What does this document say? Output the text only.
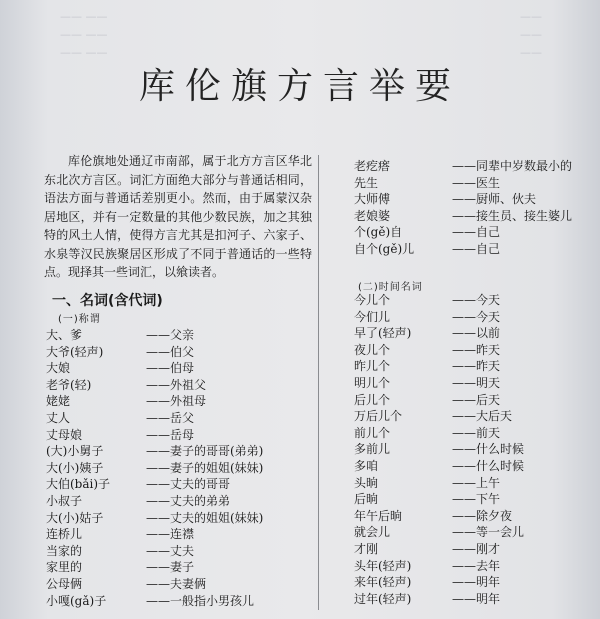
—— ——
—— ——
—— ——
——
——
——
库伦旗方言举要

库伦旗地处通辽市南部，属于北方方言区华北东北次方言区。词汇方面绝大部分与普通话相同，语法方面与普通话差别更小。然而，由于属蒙汉杂居地区，并有一定数量的其他少数民族，加之其独特的风土人情，使得方言尤其是扣河子、六家子、水泉等汉民族聚居区形成了不同于普通话的一些特点。现择其一些词汇，以飨读者。

一、名词(含代词)
(一)称谓
大、爹	——父亲
大爷(轻声)	——伯父
大娘	——伯母
老爷(轻)	——外祖父
姥姥	——外祖母
丈人	——岳父
丈母娘	——岳母
(大)小舅子	——妻子的哥哥(弟弟)
大(小)姨子	——妻子的姐姐(妹妹)
大伯(bǎi)子	——丈夫的哥哥
小叔子	——丈夫的弟弟
大(小)姑子	——丈夫的姐姐(妹妹)
连桥儿	——连襟
当家的	——丈夫
家里的	——妻子
公母俩	——夫妻俩
小嘎(gǎ)子	——一般指小男孩儿
老疙瘩	——同辈中岁数最小的
先生	——医生
大师傅	——厨师、伙夫
老娘婆	——接生员、接生婆儿
个(gě)自	——自己
自个(gě)儿	——自己
(二)时间名词
今儿个	——今天
今们儿	——今天
早了(轻声)	——以前
夜儿个	——昨天
昨儿个	——昨天
明儿个	——明天
后儿个	——后天
万后儿个	——大后天
前儿个	——前天
多前儿	——什么时候
多咱	——什么时候
头晌	——上午
后晌	——下午
年午后晌	——除夕夜
就会儿	——等一会儿
才刚	——刚才
头年(轻声)	——去年
来年(轻声)	——明年
过年(轻声)	——明年
